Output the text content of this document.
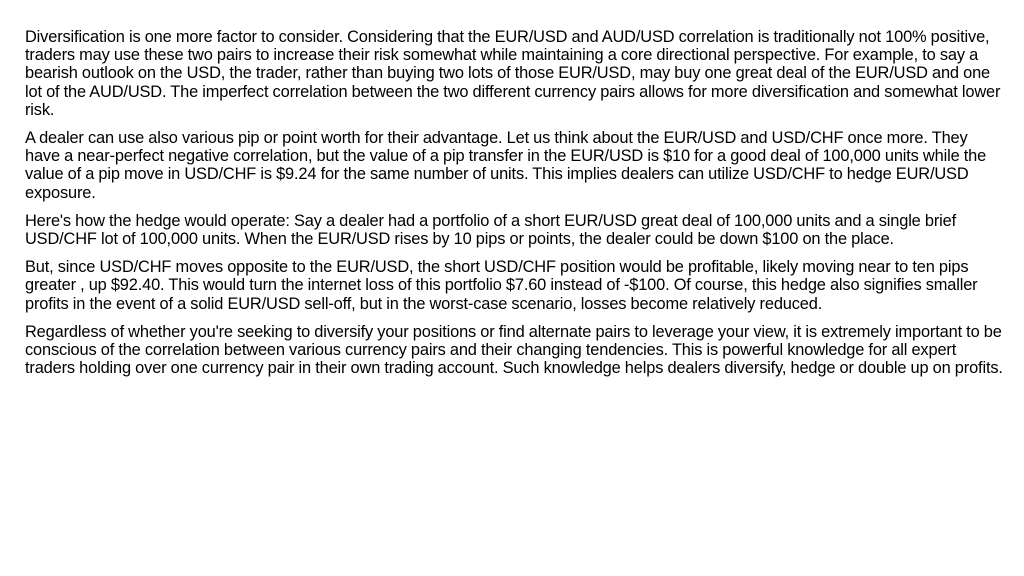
Diversification is one more factor to consider. Considering that the EUR/USD and AUD/USD correlation is traditionally not 100% positive, traders may use these two pairs to increase their risk somewhat while maintaining a core directional perspective. For example, to say a bearish outlook on the USD, the trader, rather than buying two lots of those EUR/USD, may buy one great deal of the EUR/USD and one lot of the AUD/USD. The imperfect correlation between the two different currency pairs allows for more diversification and somewhat lower risk.

A dealer can use also various pip or point worth for their advantage. Let us think about the EUR/USD and USD/CHF once more. They have a near-perfect negative correlation, but the value of a pip transfer in the EUR/USD is $10 for a good deal of 100,000 units while the value of a pip move in USD/CHF is $9.24 for the same number of units. This implies dealers can utilize USD/CHF to hedge EUR/USD exposure.

Here's how the hedge would operate: Say a dealer had a portfolio of a short EUR/USD great deal of 100,000 units and a single brief USD/CHF lot of 100,000 units. When the EUR/USD rises by 10 pips or points, the dealer could be down $100 on the place.

But, since USD/CHF moves opposite to the EUR/USD, the short USD/CHF position would be profitable, likely moving near to ten pips greater , up $92.40. This would turn the internet loss of this portfolio $7.60 instead of -$100. Of course, this hedge also signifies smaller profits in the event of a solid EUR/USD sell-off, but in the worst-case scenario, losses become relatively reduced.

Regardless of whether you're seeking to diversify your positions or find alternate pairs to leverage your view, it is extremely important to be conscious of the correlation between various currency pairs and their changing tendencies. This is powerful knowledge for all expert traders holding over one currency pair in their own trading account. Such knowledge helps dealers diversify, hedge or double up on profits.
